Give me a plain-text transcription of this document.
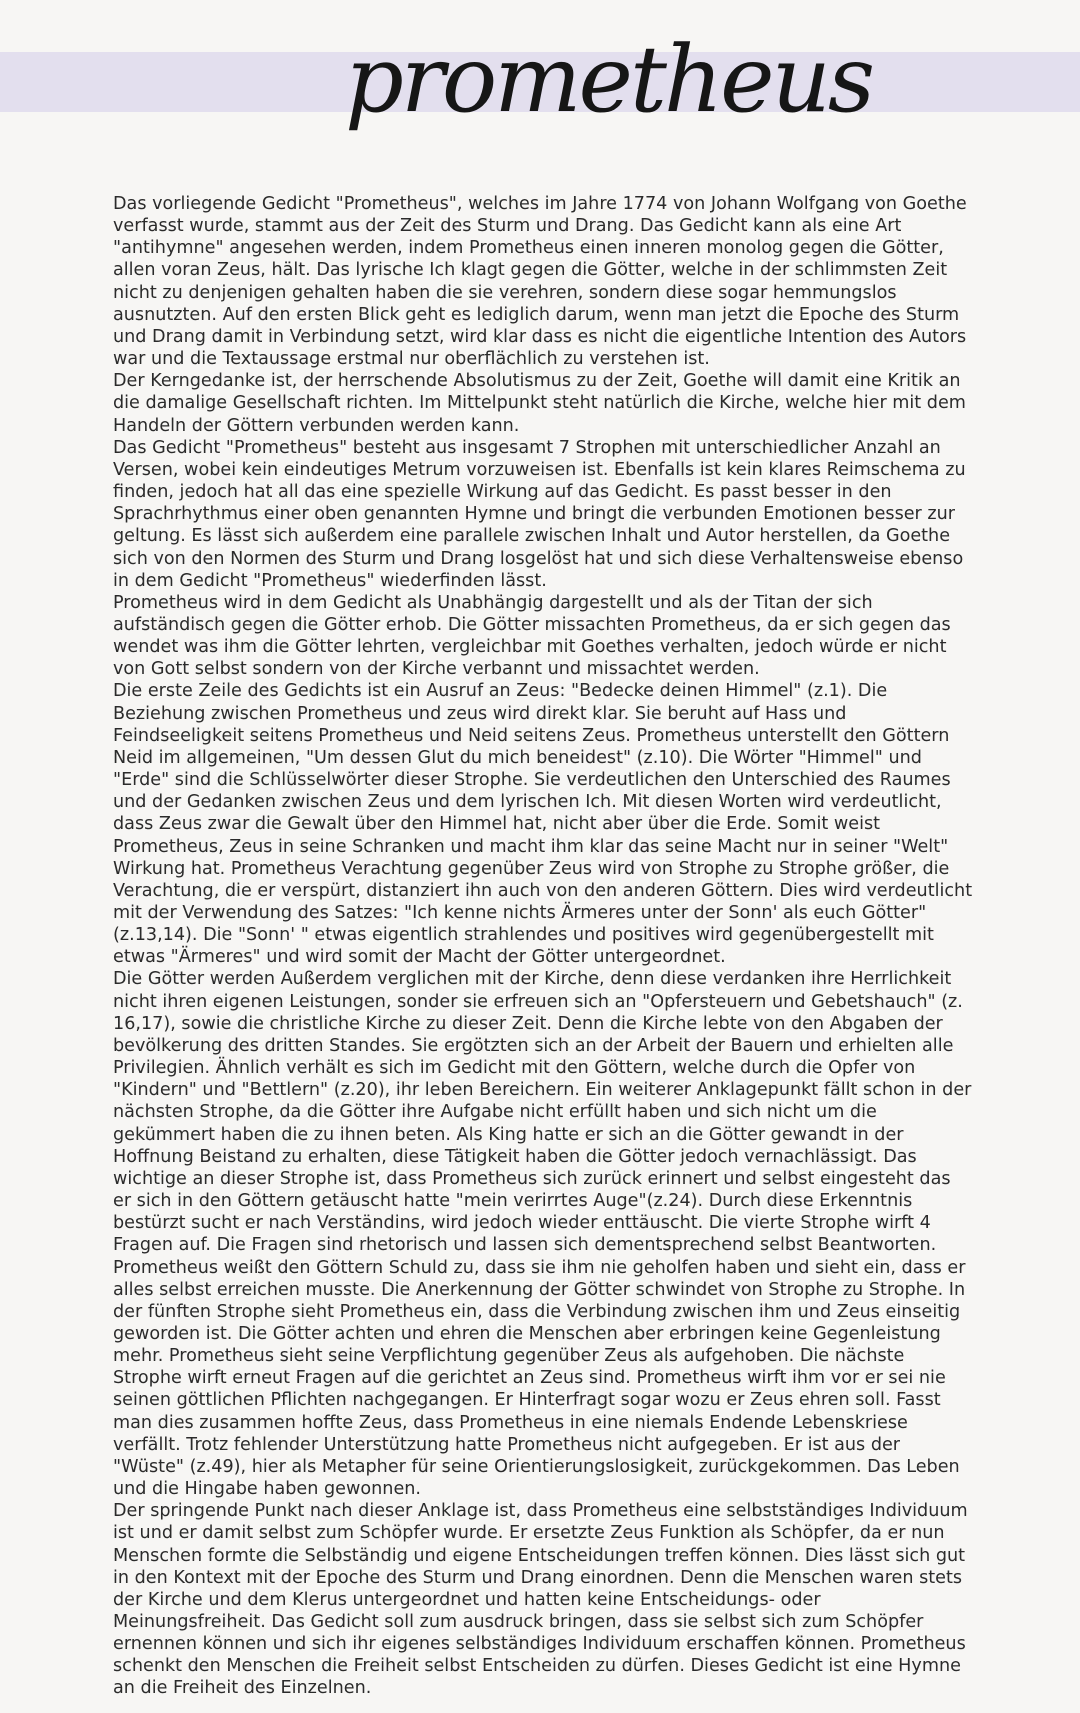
prometheus

Das vorliegende Gedicht "Prometheus", welches im Jahre 1774 von Johann Wolfgang von Goethe verfasst wurde, stammt aus der Zeit des Sturm und Drang. Das Gedicht kann als eine Art "antihymne" angesehen werden, indem Prometheus einen inneren monolog gegen die Götter, allen voran Zeus, hält. Das lyrische Ich klagt gegen die Götter, welche in der schlimmsten Zeit nicht zu denjenigen gehalten haben die sie verehren, sondern diese sogar hemmungslos ausnutzten. Auf den ersten Blick geht es lediglich darum, wenn man jetzt die Epoche des Sturm und Drang damit in Verbindung setzt, wird klar dass es nicht die eigentliche Intention des Autors war und die Textaussage erstmal nur oberflächlich zu verstehen ist.

Der Kerngedanke ist, der herrschende Absolutismus zu der Zeit, Goethe will damit eine Kritik an die damalige Gesellschaft richten. Im Mittelpunkt steht natürlich die Kirche, welche hier mit dem Handeln der Göttern verbunden werden kann.

Das Gedicht "Prometheus" besteht aus insgesamt 7 Strophen mit unterschiedlicher Anzahl an Versen, wobei kein eindeutiges Metrum vorzuweisen ist. Ebenfalls ist kein klares Reimschema zu finden, jedoch hat all das eine spezielle Wirkung auf das Gedicht. Es passt besser in den Sprachrhythmus einer oben genannten Hymne und bringt die verbunden Emotionen besser zur geltung. Es lässt sich außerdem eine parallele zwischen Inhalt und Autor herstellen, da Goethe sich von den Normen des Sturm und Drang losgelöst hat und sich diese Verhaltensweise ebenso in dem Gedicht "Prometheus" wiederfinden lässt.

Prometheus wird in dem Gedicht als Unabhängig dargestellt und als der Titan der sich aufständisch gegen die Götter erhob. Die Götter missachten Prometheus, da er sich gegen das wendet was ihm die Götter lehrten, vergleichbar mit Goethes verhalten, jedoch würde er nicht von Gott selbst sondern von der Kirche verbannt und missachtet werden.

Die erste Zeile des Gedichts ist ein Ausruf an Zeus: "Bedecke deinen Himmel" (z.1). Die Beziehung zwischen Prometheus und zeus wird direkt klar. Sie beruht auf Hass und Feindseeligkeit seitens Prometheus und Neid seitens Zeus. Prometheus unterstellt den Göttern Neid im allgemeinen, "Um dessen Glut du mich beneidest" (z.10). Die Wörter "Himmel" und "Erde" sind die Schlüsselwörter dieser Strophe. Sie verdeutlichen den Unterschied des Raumes und der Gedanken zwischen Zeus und dem lyrischen Ich. Mit diesen Worten wird verdeutlicht, dass Zeus zwar die Gewalt über den Himmel hat, nicht aber über die Erde. Somit weist Prometheus, Zeus in seine Schranken und macht ihm klar das seine Macht nur in seiner "Welt" Wirkung hat. Prometheus Verachtung gegenüber Zeus wird von Strophe zu Strophe größer, die Verachtung, die er verspürt, distanziert ihn auch von den anderen Göttern. Dies wird verdeutlicht mit der Verwendung des Satzes: "Ich kenne nichts Ärmeres unter der Sonn' als euch Götter" (z.13,14). Die "Sonn' " etwas eigentlich strahlendes und positives wird gegenübergestellt mit etwas "Ärmeres" und wird somit der Macht der Götter untergeordnet.

Die Götter werden Außerdem verglichen mit der Kirche, denn diese verdanken ihre Herrlichkeit nicht ihren eigenen Leistungen, sonder sie erfreuen sich an "Opfersteuern und Gebetshauch" (z. 16,17), sowie die christliche Kirche zu dieser Zeit. Denn die Kirche lebte von den Abgaben der bevölkerung des dritten Standes. Sie ergötzten sich an der Arbeit der Bauern und erhielten alle Privilegien. Ähnlich verhält es sich im Gedicht mit den Göttern, welche durch die Opfer von "Kindern" und "Bettlern" (z.20), ihr leben Bereichern. Ein weiterer Anklagepunkt fällt schon in der nächsten Strophe, da die Götter ihre Aufgabe nicht erfüllt haben und sich nicht um die gekümmert haben die zu ihnen beten. Als King hatte er sich an die Götter gewandt in der Hoffnung Beistand zu erhalten, diese Tätigkeit haben die Götter jedoch vernachlässigt. Das wichtige an dieser Strophe ist, dass Prometheus sich zurück erinnert und selbst eingesteht das er sich in den Göttern getäuscht hatte "mein verirrtes Auge"(z.24). Durch diese Erkenntnis bestürzt sucht er nach Verständins, wird jedoch wieder enttäuscht. Die vierte Strophe wirft 4 Fragen auf. Die Fragen sind rhetorisch und lassen sich dementsprechend selbst Beantworten. Prometheus weißt den Göttern Schuld zu, dass sie ihm nie geholfen haben und sieht ein, dass er alles selbst erreichen musste. Die Anerkennung der Götter schwindet von Strophe zu Strophe. In der fünften Strophe sieht Prometheus ein, dass die Verbindung zwischen ihm und Zeus einseitig geworden ist. Die Götter achten und ehren die Menschen aber erbringen keine Gegenleistung mehr. Prometheus sieht seine Verpflichtung gegenüber Zeus als aufgehoben. Die nächste Strophe wirft erneut Fragen auf die gerichtet an Zeus sind. Prometheus wirft ihm vor er sei nie seinen göttlichen Pflichten nachgegangen. Er Hinterfragt sogar wozu er Zeus ehren soll. Fasst man dies zusammen hoffte Zeus, dass Prometheus in eine niemals Endende Lebenskriese verfällt. Trotz fehlender Unterstützung hatte Prometheus nicht aufgegeben. Er ist aus der "Wüste" (z.49), hier als Metapher für seine Orientierungslosigkeit, zurückgekommen. Das Leben und die Hingabe haben gewonnen.

Der springende Punkt nach dieser Anklage ist, dass Prometheus eine selbstständiges Individuum ist und er damit selbst zum Schöpfer wurde. Er ersetzte Zeus Funktion als Schöpfer, da er nun Menschen formte die Selbständig und eigene Entscheidungen treffen können. Dies lässt sich gut in den Kontext mit der Epoche des Sturm und Drang einordnen. Denn die Menschen waren stets der Kirche und dem Klerus untergeordnet und hatten keine Entscheidungs- oder Meinungsfreiheit. Das Gedicht soll zum ausdruck bringen, dass sie selbst sich zum Schöpfer ernennen können und sich ihr eigenes selbständiges Individuum erschaffen können. Prometheus schenkt den Menschen die Freiheit selbst Entscheiden zu dürfen. Dieses Gedicht ist eine Hymne an die Freiheit des Einzelnen.
